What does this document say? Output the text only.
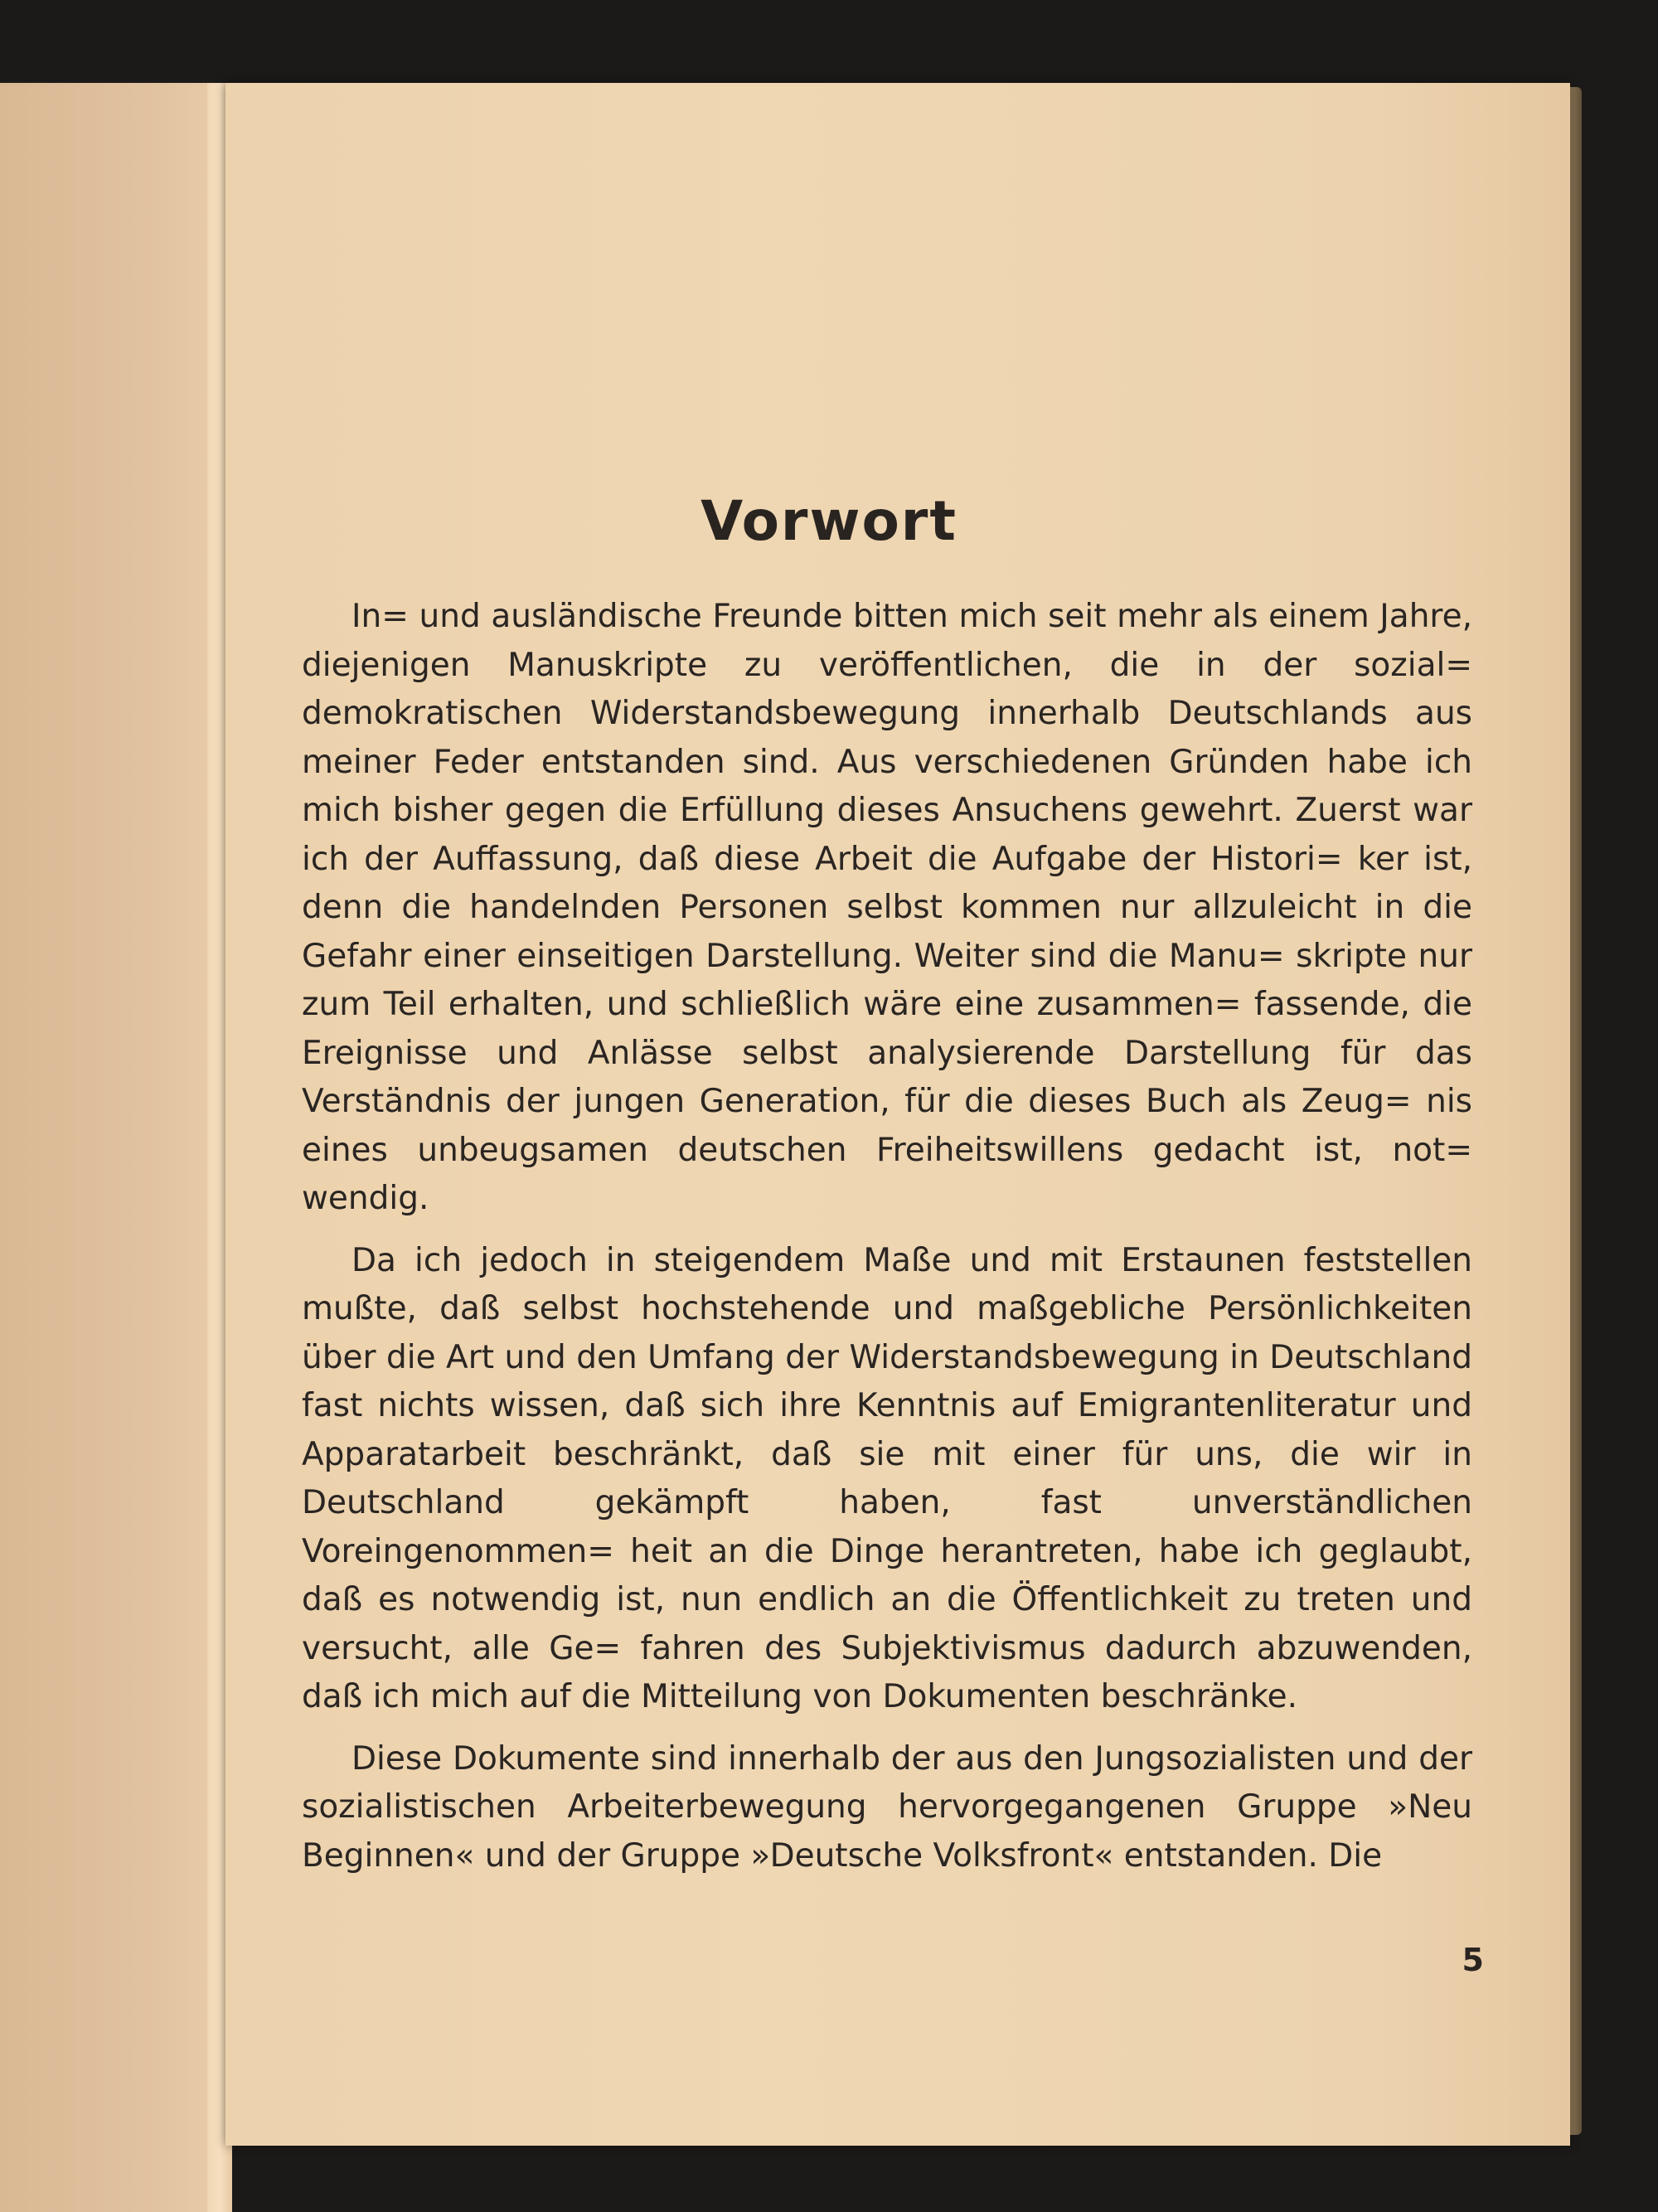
Vorwort

In= und ausländische Freunde bitten mich seit mehr als einem Jahre, diejenigen Manuskripte zu veröffentlichen, die in der sozial= demokratischen Widerstandsbewegung innerhalb Deutschlands aus meiner Feder entstanden sind. Aus verschiedenen Gründen habe ich mich bisher gegen die Erfüllung dieses Ansuchens gewehrt. Zuerst war ich der Auffassung, daß diese Arbeit die Aufgabe der Histori= ker ist, denn die handelnden Personen selbst kommen nur allzuleicht in die Gefahr einer einseitigen Darstellung. Weiter sind die Manu= skripte nur zum Teil erhalten, und schließlich wäre eine zusammen= fassende, die Ereignisse und Anlässe selbst analysierende Darstellung für das Verständnis der jungen Generation, für die dieses Buch als Zeug= nis eines unbeugsamen deutschen Freiheitswillens gedacht ist, not= wendig.

Da ich jedoch in steigendem Maße und mit Erstaunen feststellen mußte, daß selbst hochstehende und maßgebliche Persönlichkeiten über die Art und den Umfang der Widerstandsbewegung in Deutschland fast nichts wissen, daß sich ihre Kenntnis auf Emigrantenliteratur und Apparatarbeit beschränkt, daß sie mit einer für uns, die wir in Deutschland gekämpft haben, fast unverständlichen Voreingenommen= heit an die Dinge herantreten, habe ich geglaubt, daß es notwendig ist, nun endlich an die Öffentlichkeit zu treten und versucht, alle Ge= fahren des Subjektivismus dadurch abzuwenden, daß ich mich auf die Mitteilung von Dokumenten beschränke.

Diese Dokumente sind innerhalb der aus den Jungsozialisten und der sozialistischen Arbeiterbewegung hervorgegangenen Gruppe »Neu Beginnen« und der Gruppe »Deutsche Volksfront« entstanden. Die

5
